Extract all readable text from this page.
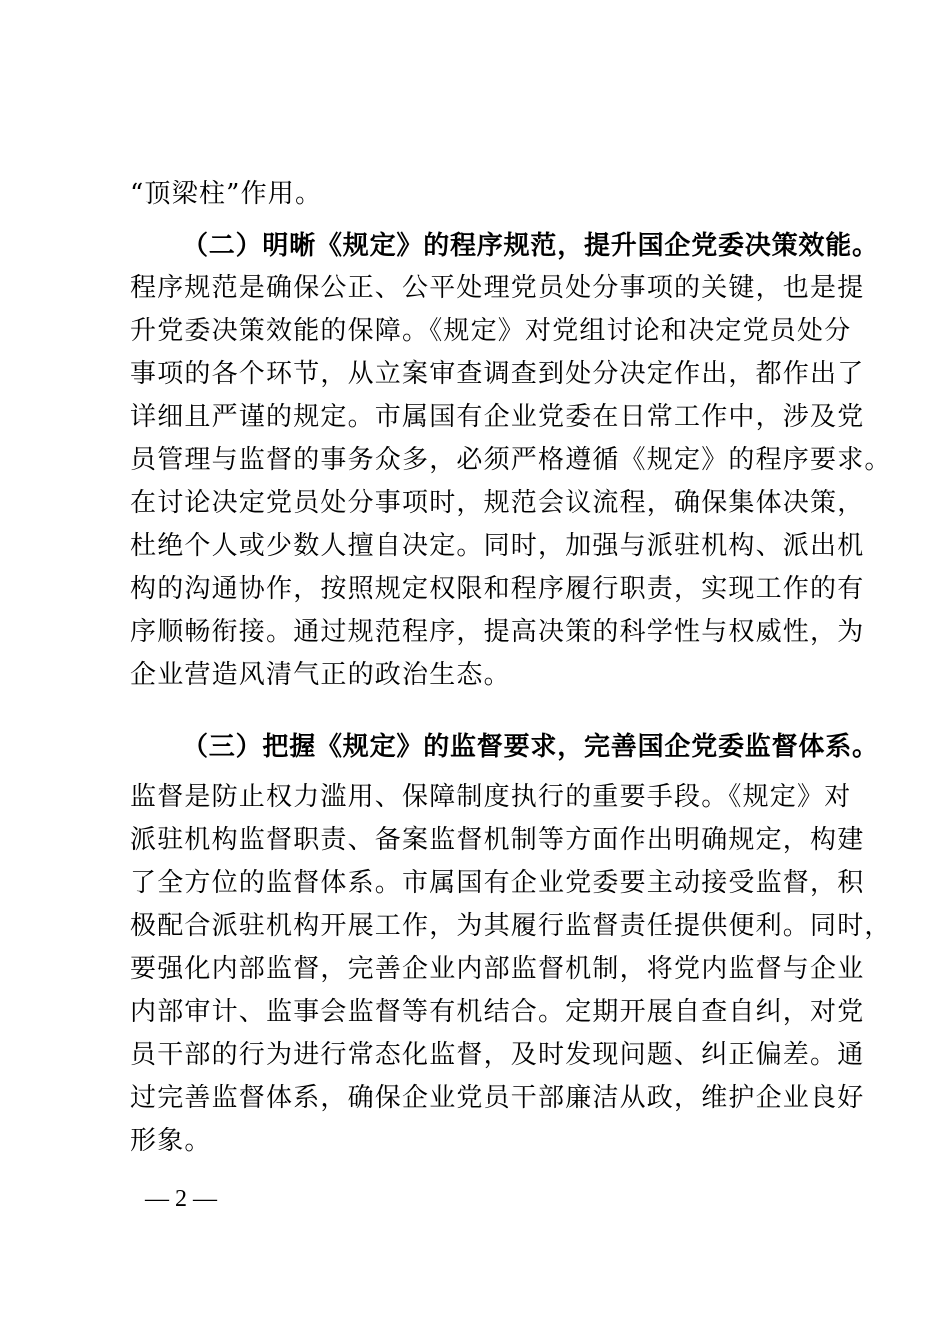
“顶梁柱”作用。
（二）明晰《规定》的程序规范，提升国企党委决策效能。
程序规范是确保公正、公平处理党员处分事项的关键，也是提
升党委决策效能的保障。《规定》对党组讨论和决定党员处分
事项的各个环节，从立案审查调查到处分决定作出，都作出了
详细且严谨的规定。市属国有企业党委在日常工作中，涉及党
员管理与监督的事务众多，必须严格遵循《规定》的程序要求。
在讨论决定党员处分事项时，规范会议流程，确保集体决策，
杜绝个人或少数人擅自决定。同时，加强与派驻机构、派出机
构的沟通协作，按照规定权限和程序履行职责，实现工作的有
序顺畅衔接。通过规范程序，提高决策的科学性与权威性，为
企业营造风清气正的政治生态。
（三）把握《规定》的监督要求，完善国企党委监督体系。
监督是防止权力滥用、保障制度执行的重要手段。《规定》对
派驻机构监督职责、备案监督机制等方面作出明确规定，构建
了全方位的监督体系。市属国有企业党委要主动接受监督，积
极配合派驻机构开展工作，为其履行监督责任提供便利。同时，
要强化内部监督，完善企业内部监督机制，将党内监督与企业
内部审计、监事会监督等有机结合。定期开展自查自纠，对党
员干部的行为进行常态化监督，及时发现问题、纠正偏差。通
过完善监督体系，确保企业党员干部廉洁从政，维护企业良好
形象。
— 2 —
